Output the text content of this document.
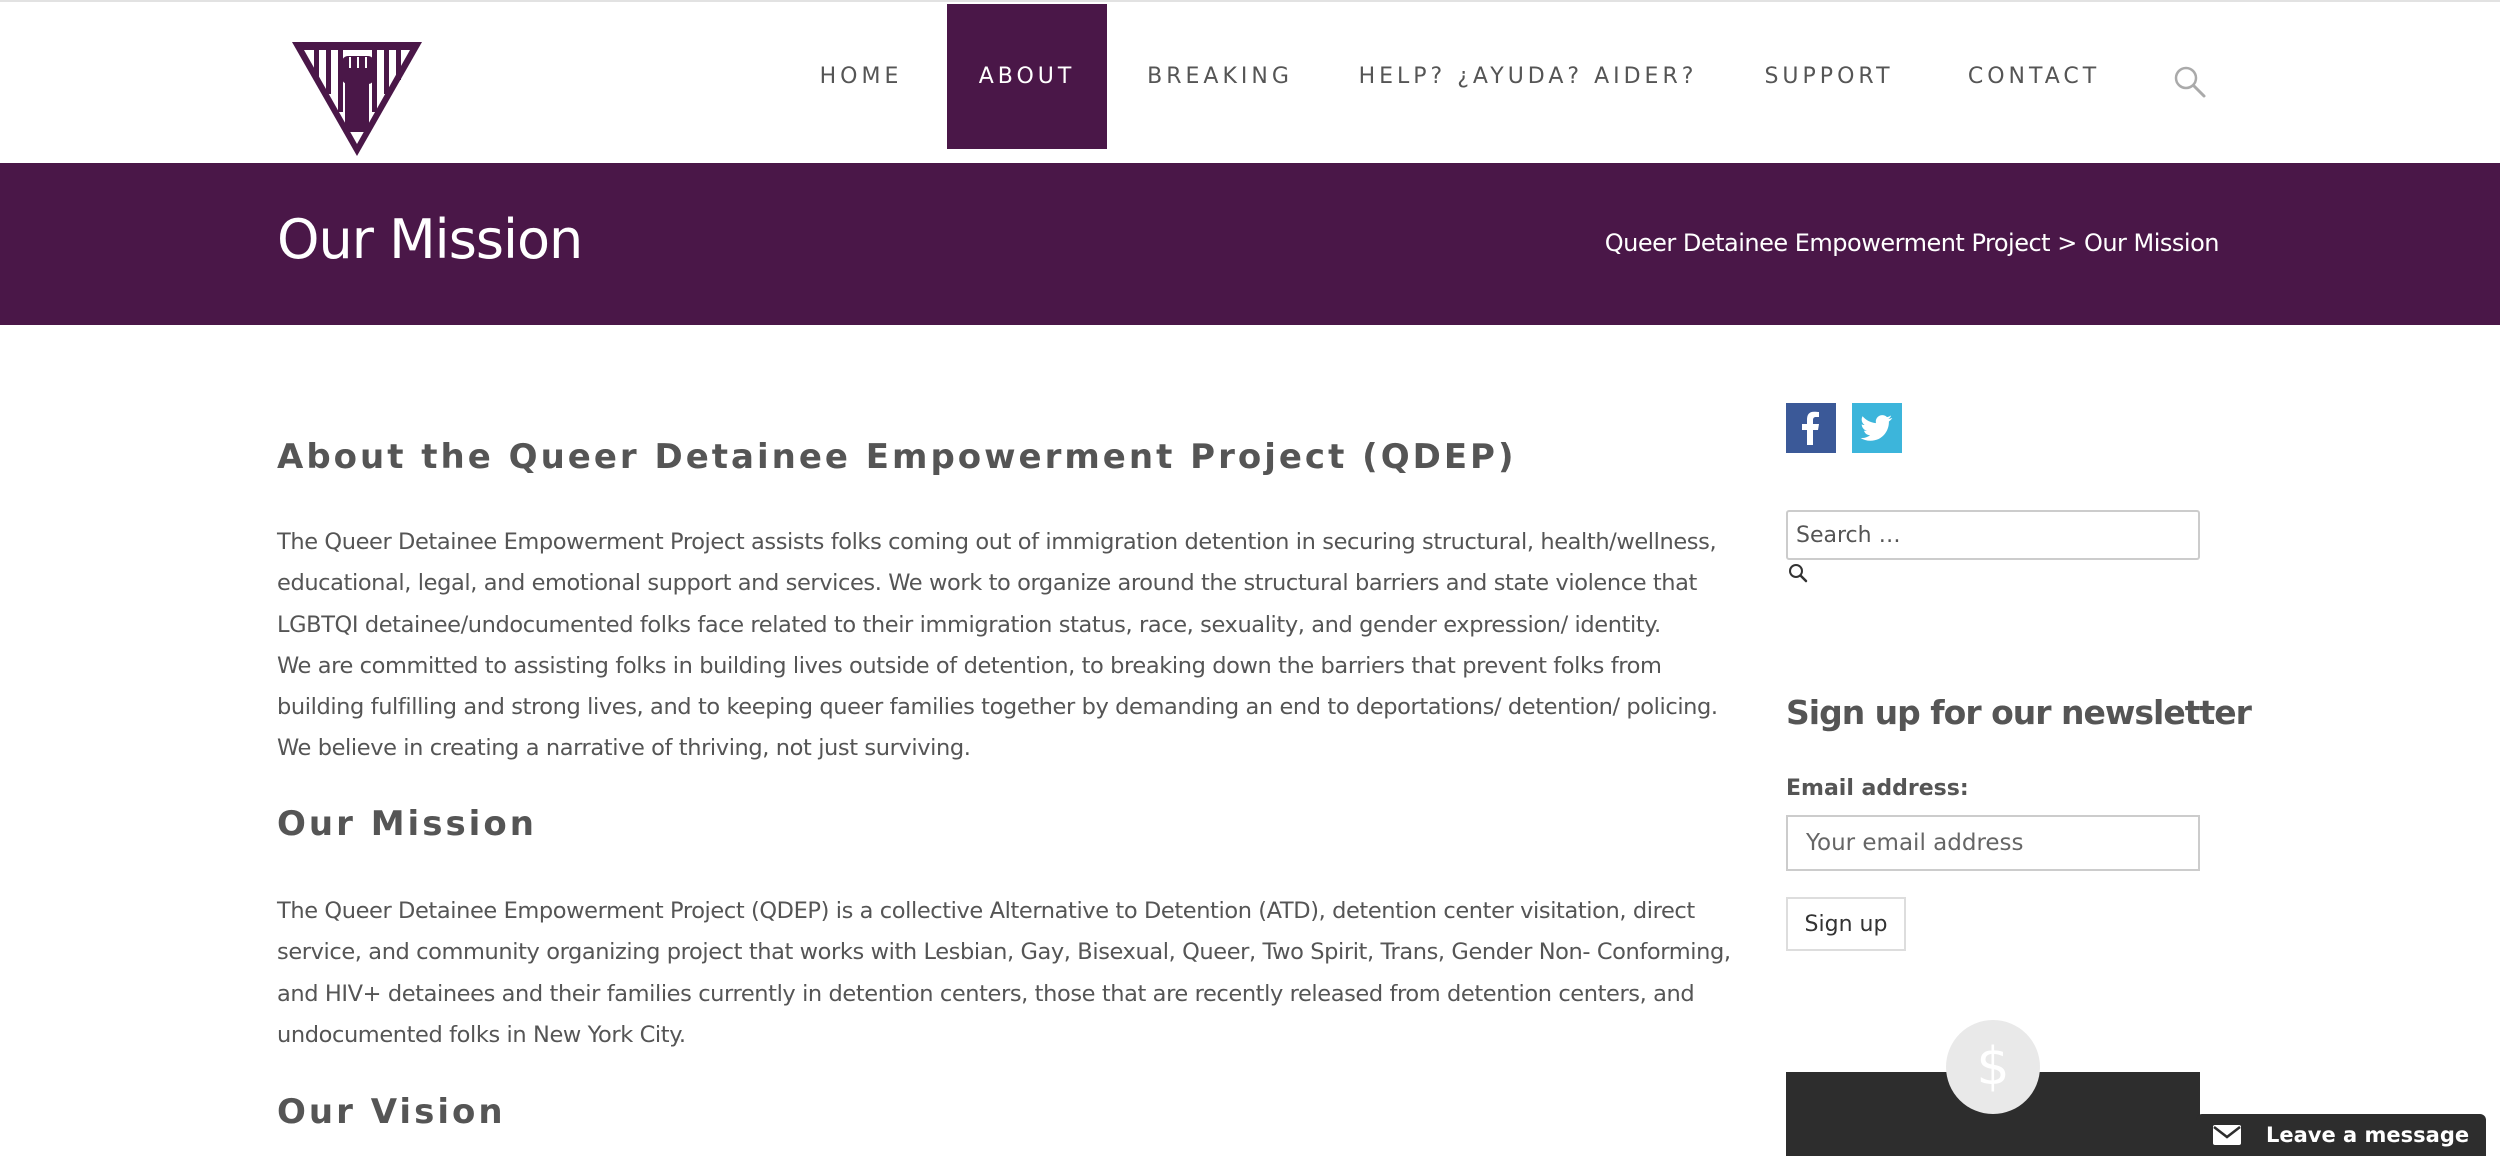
HOME	ABOUT	BREAKING	HELP? ¿AYUDA? AIDER?	SUPPORT	CONTACT
Our Mission	Queer Detainee Empowerment Project > Our Mission
About the Queer Detainee Empowerment Project (QDEP)

The Queer Detainee Empowerment Project assists folks coming out of immigration detention in securing structural, health/wellness, educational, legal, and emotional support and services. We work to organize around the structural barriers and state violence that LGBTQI detainee/undocumented folks face related to their immigration status, race, sexuality, and gender expression/ identity.
We are committed to assisting folks in building lives outside of detention, to breaking down the barriers that prevent folks from building fulfilling and strong lives, and to keeping queer families together by demanding an end to deportations/ detention/ policing. We believe in creating a narrative of thriving, not just surviving.

Our Mission

The Queer Detainee Empowerment Project (QDEP) is a collective Alternative to Detention (ATD), detention center visitation, direct service, and community organizing project that works with Lesbian, Gay, Bisexual, Queer, Two Spirit, Trans, Gender Non- Conforming, and HIV+ detainees and their families currently in detention centers, those that are recently released from detention centers, and undocumented folks in New York City.

Our Vision
Search …
Sign up for our newsletter
Email address:
Your email address
Sign up
$
Leave a message
